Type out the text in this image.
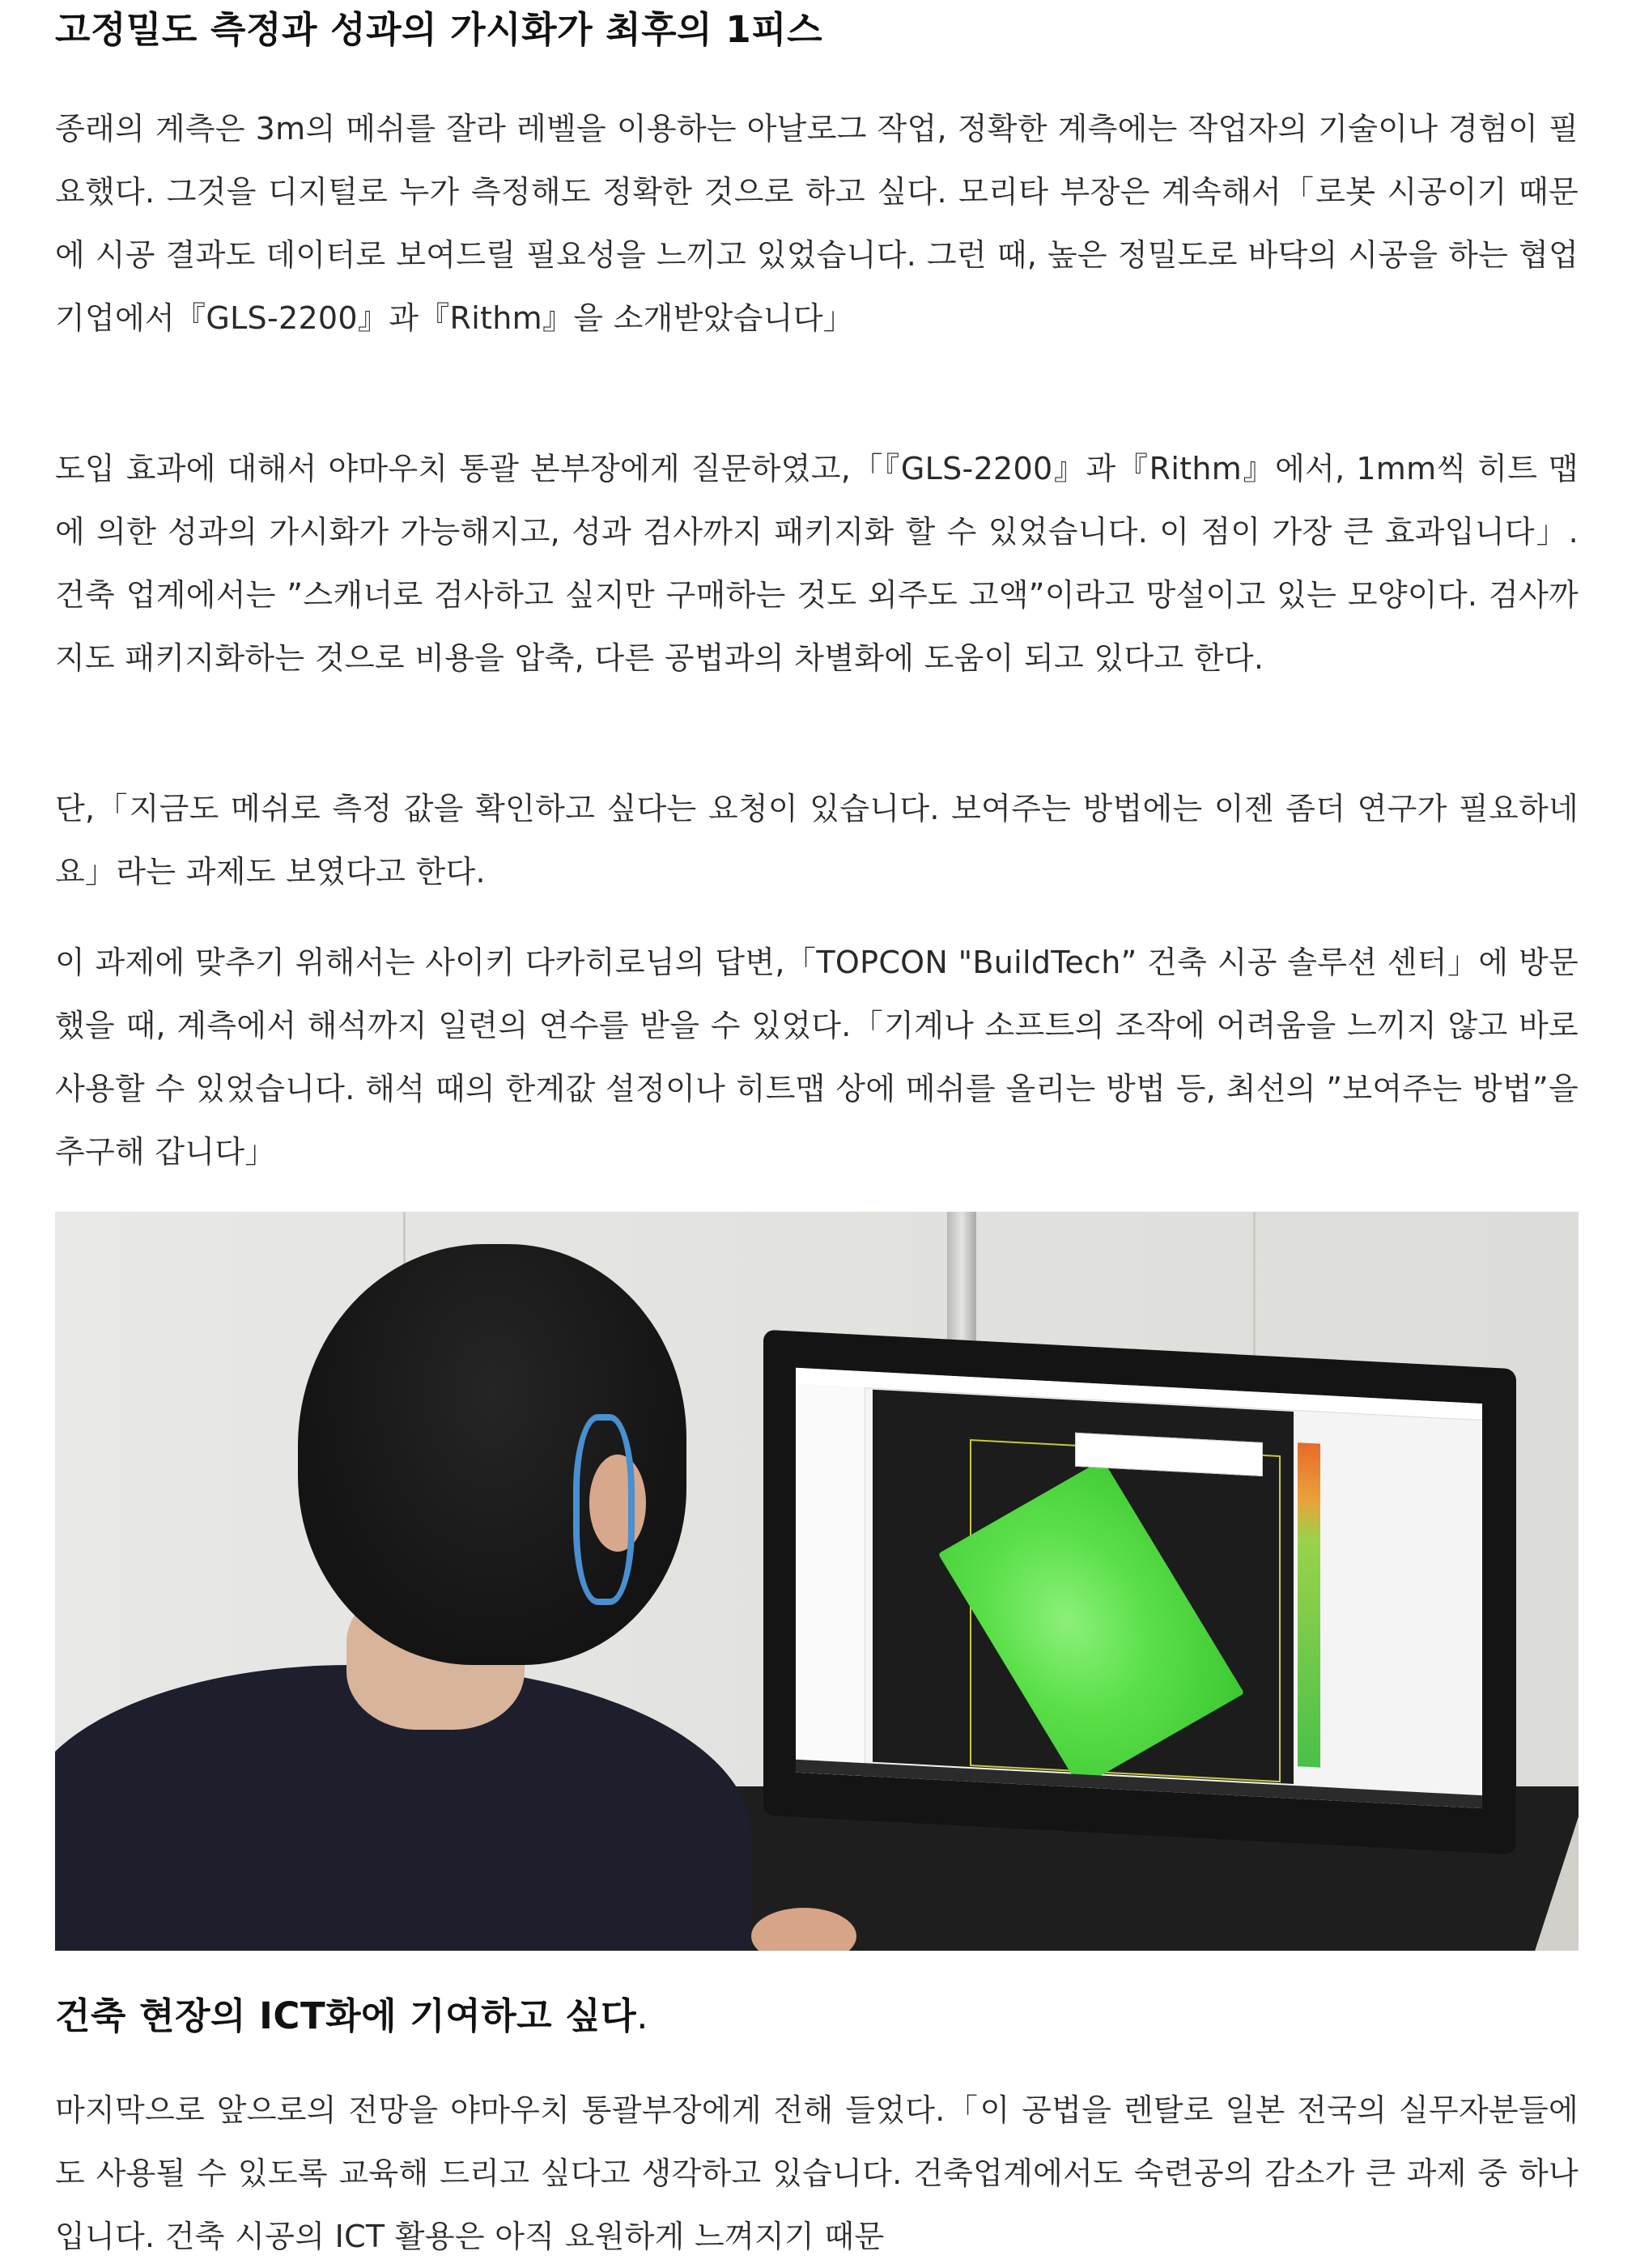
고정밀도 측정과 성과의 가시화가 최후의 1피스

종래의 계측은 3m의 메쉬를 잘라 레벨을 이용하는 아날로그 작업, 정확한 계측에는 작업자의 기술이나 경험이 필요했다. 그것을 디지털로 누가 측정해도 정확한 것으로 하고 싶다. 모리타 부장은 계속해서「로봇 시공이기 때문에 시공 결과도 데이터로 보여드릴 필요성을 느끼고 있었습니다. 그런 때, 높은 정밀도로 바닥의 시공을 하는 협업 기업에서『GLS-2200』과『Rithm』을 소개받았습니다」

도입 효과에 대해서 야마우치 통괄 본부장에게 질문하였고,「『GLS-2200』과『Rithm』에서, 1mm씩 히트 맵에 의한 성과의 가시화가 가능해지고, 성과 검사까지 패키지화 할 수 있었습니다. 이 점이 가장 큰 효과입니다」. 건축 업계에서는 ”스캐너로 검사하고 싶지만 구매하는 것도 외주도 고액”이라고 망설이고 있는 모양이다. 검사까지도 패키지화하는 것으로 비용을 압축, 다른 공법과의 차별화에 도움이 되고 있다고 한다.

단,「지금도 메쉬로 측정 값을 확인하고 싶다는 요청이 있습니다. 보여주는 방법에는 이젠 좀더 연구가 필요하네요」라는 과제도 보였다고 한다.

이 과제에 맞추기 위해서는 사이키 다카히로님의 답변,「TOPCON "BuildTech” 건축 시공 솔루션 센터」에 방문했을 때, 계측에서 해석까지 일련의 연수를 받을 수 있었다.「기계나 소프트의 조작에 어려움을 느끼지 않고 바로 사용할 수 있었습니다. 해석 때의 한계값 설정이나 히트맵 상에 메쉬를 올리는 방법 등, 최선의 ”보여주는 방법”을 추구해 갑니다」

건축 현장의 ICT화에 기여하고 싶다.

마지막으로 앞으로의 전망을 야마우치 통괄부장에게 전해 들었다.「이 공법을 렌탈로 일본 전국의 실무자분들에도 사용될 수 있도록 교육해 드리고 싶다고 생각하고 있습니다. 건축업계에서도 숙련공의 감소가 큰 과제 중 하나입니다. 건축 시공의 ICT 활용은 아직 요원하게 느껴지기 때문
